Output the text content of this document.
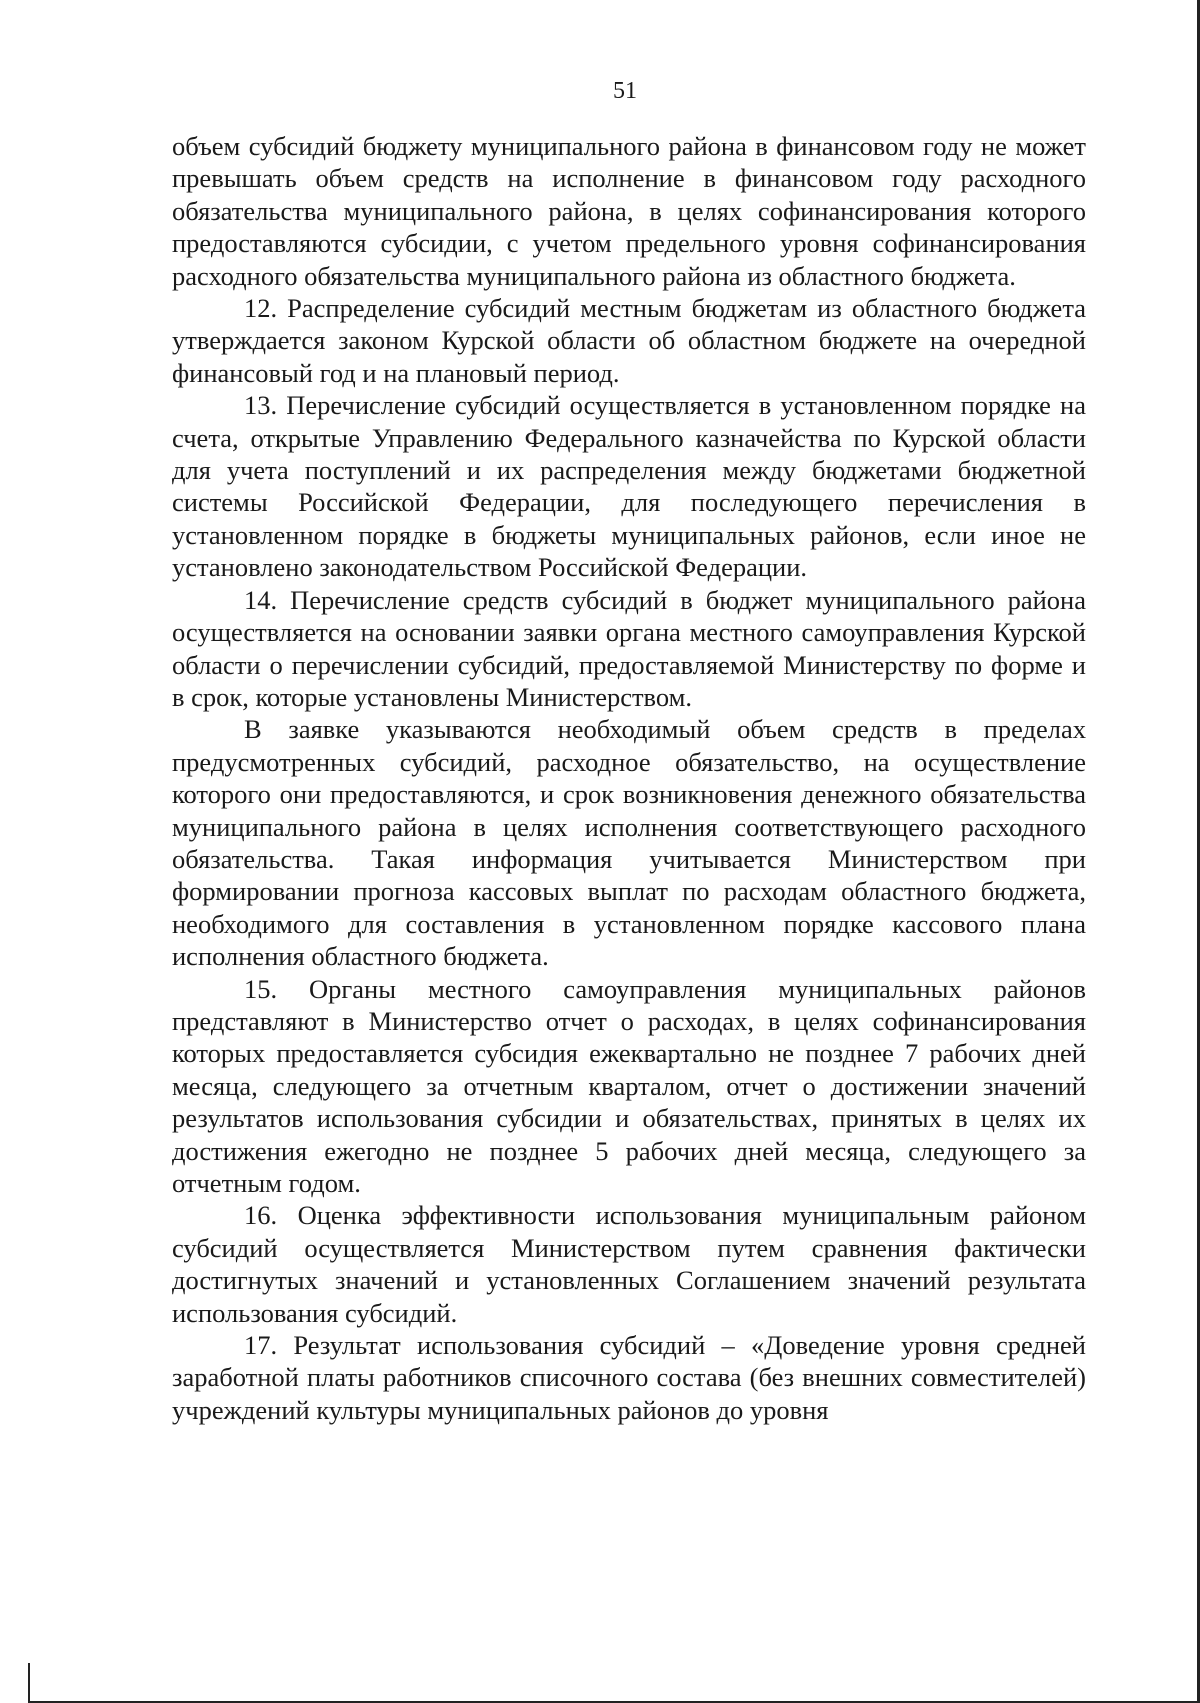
51

объем субсидий бюджету муниципального района в финансовом году не может превышать объем средств на исполнение в финансовом году расходного обязательства муниципального района, в целях софинансирования которого предоставляются субсидии, с учетом предельного уровня софинансирования расходного обязательства муниципального района из областного бюджета.

12. Распределение субсидий местным бюджетам из областного бюджета утверждается законом Курской области об областном бюджете на очередной финансовый год и на плановый период.

13. Перечисление субсидий осуществляется в установленном порядке на счета, открытые Управлению Федерального казначейства по Курской области для учета поступлений и их распределения между бюджетами бюджетной системы Российской Федерации, для последующего перечисления в установленном порядке в бюджеты муниципальных районов, если иное не установлено законодательством Российской Федерации.

14. Перечисление средств субсидий в бюджет муниципального района осуществляется на основании заявки органа местного самоуправления Курской области о перечислении субсидий, предоставляемой Министерству по форме и в срок, которые установлены Министерством.

В заявке указываются необходимый объем средств в пределах предусмотренных субсидий, расходное обязательство, на осуществление которого они предоставляются, и срок возникновения денежного обязательства муниципального района в целях исполнения соответствующего расходного обязательства. Такая информация учитывается Министерством при формировании прогноза кассовых выплат по расходам областного бюджета, необходимого для составления в установленном порядке кассового плана исполнения областного бюджета.

15. Органы местного самоуправления муниципальных районов представляют в Министерство отчет о расходах, в целях софинансирования которых предоставляется субсидия ежеквартально не позднее 7 рабочих дней месяца, следующего за отчетным кварталом, отчет о достижении значений результатов использования субсидии и обязательствах, принятых в целях их достижения ежегодно не позднее 5 рабочих дней месяца, следующего за отчетным годом.

16. Оценка эффективности использования муниципальным районом субсидий осуществляется Министерством путем сравнения фактически достигнутых значений и установленных Соглашением значений результата использования субсидий.

17. Результат использования субсидий – «Доведение уровня средней заработной платы работников списочного состава (без внешних совместителей) учреждений культуры муниципальных районов до уровня
